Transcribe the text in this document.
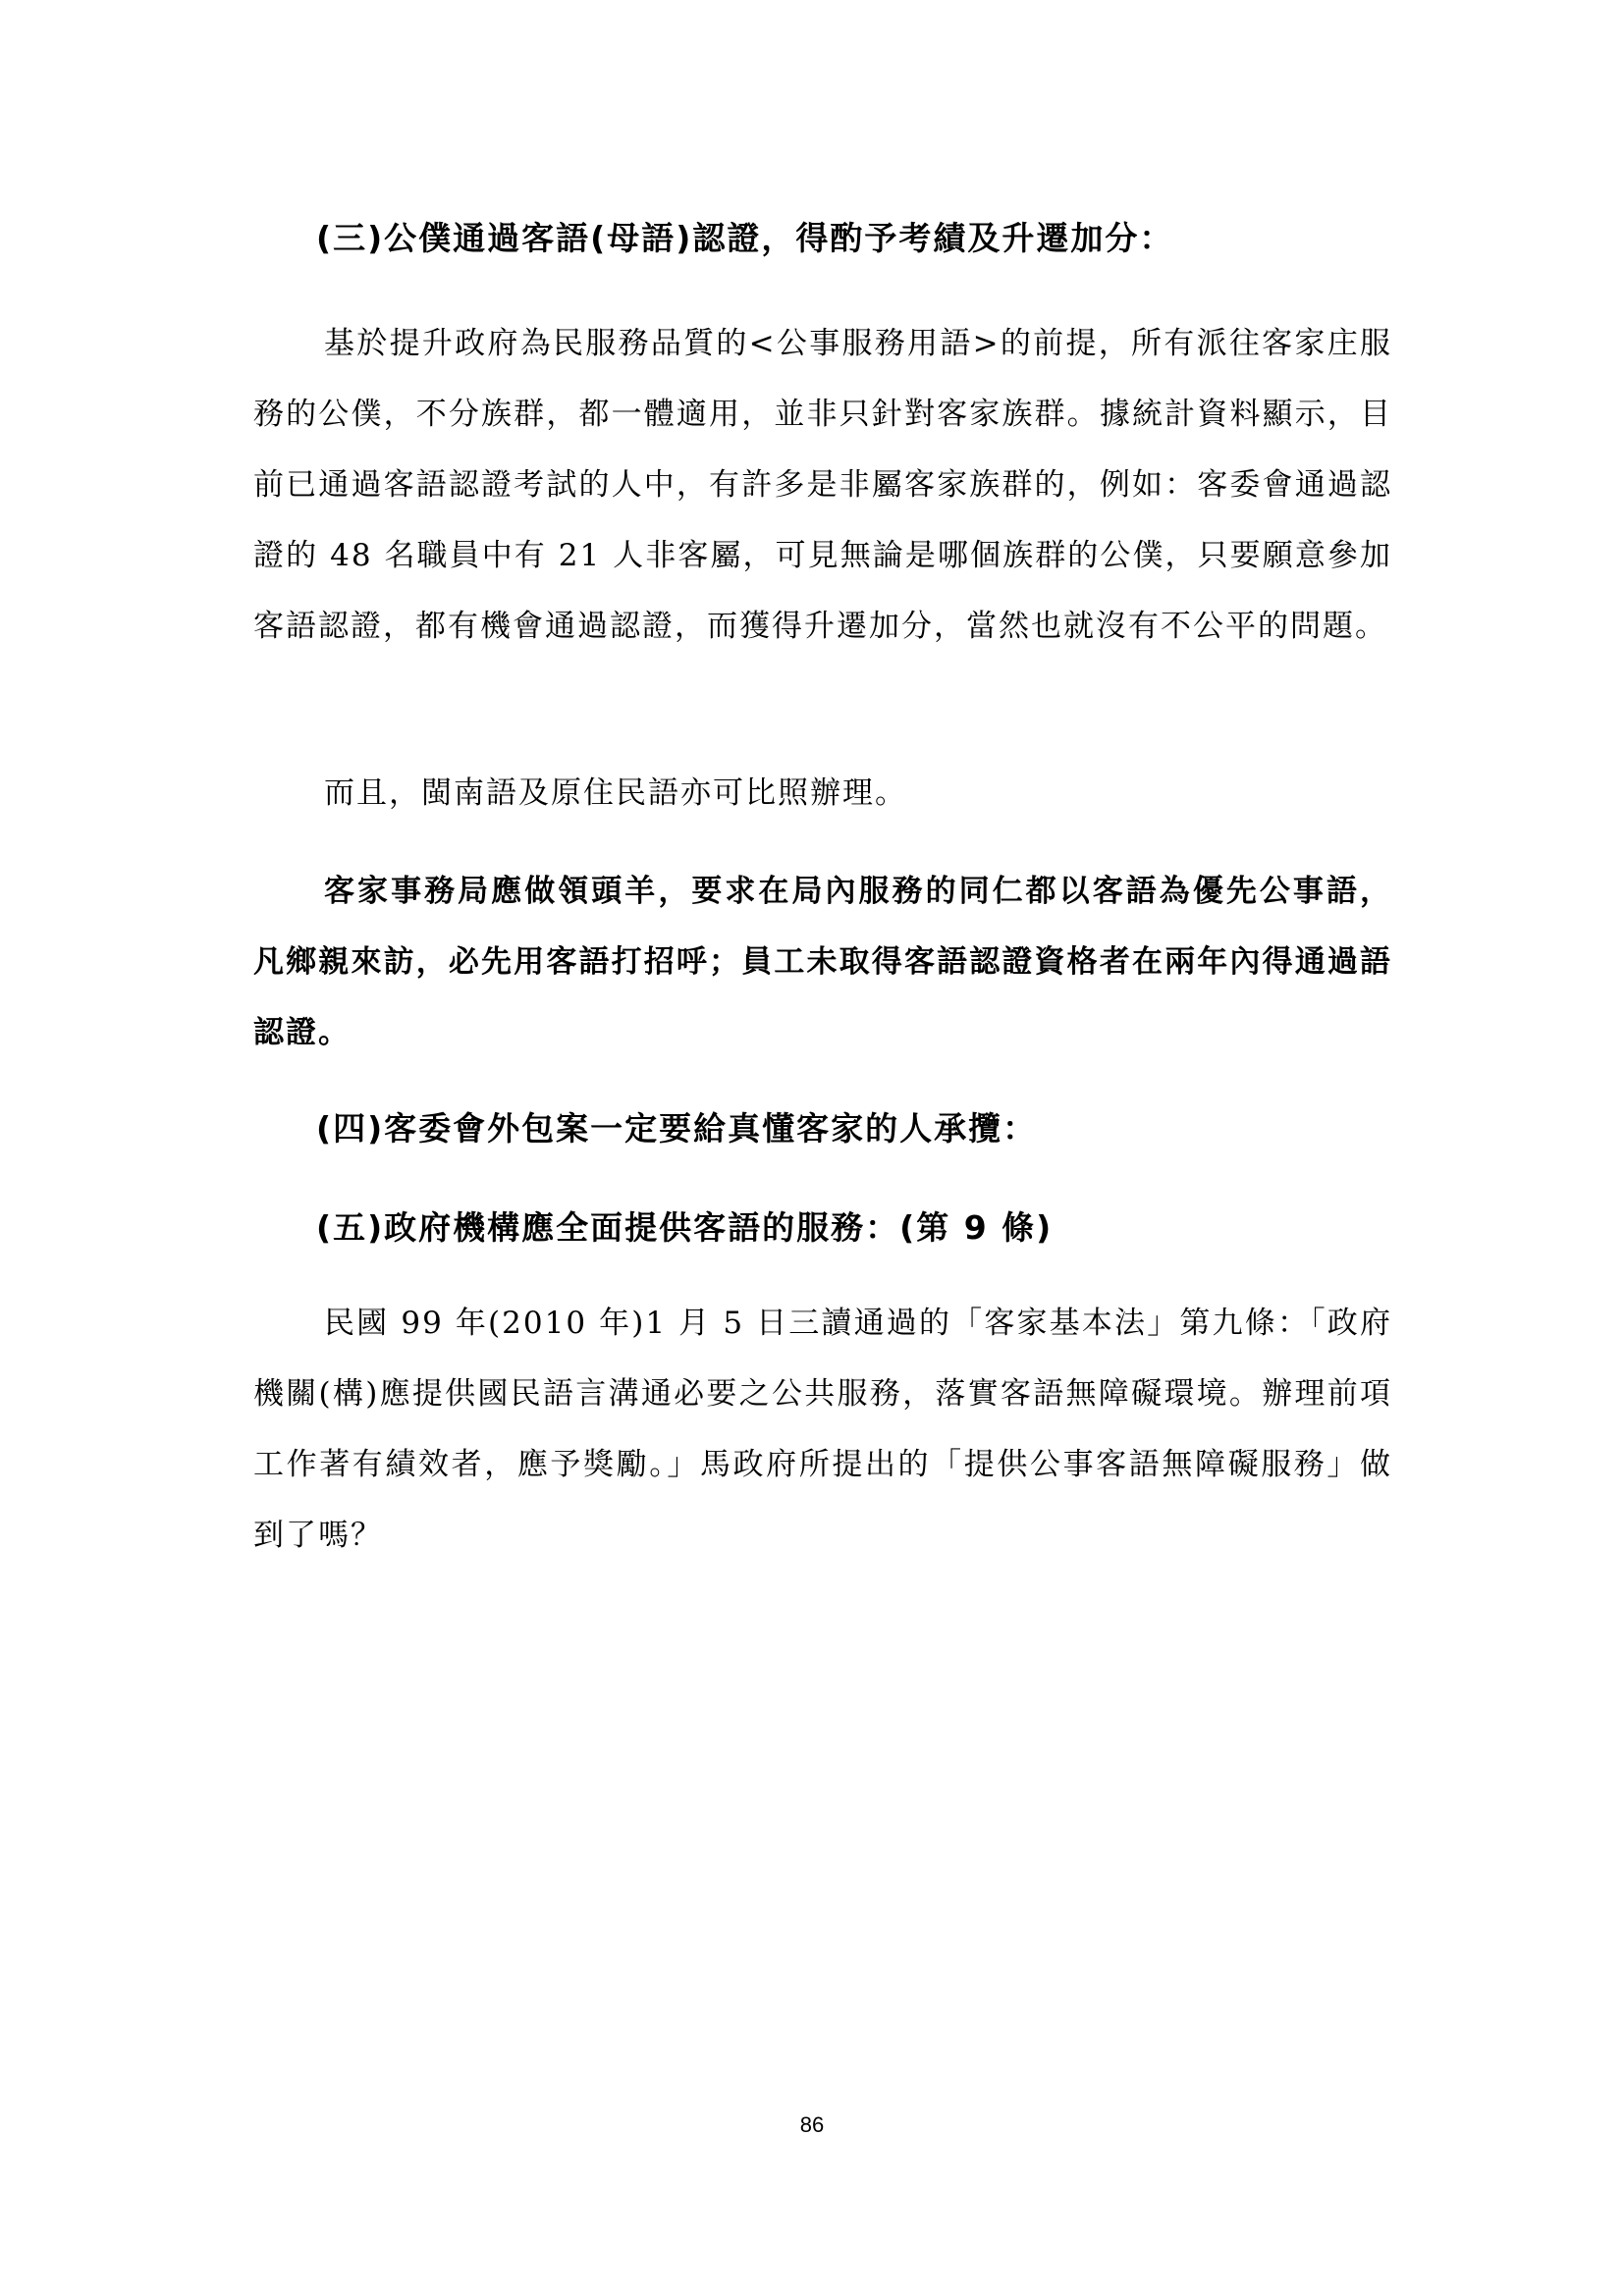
(三)公僕通過客語(母語)認證，得酌予考績及升遷加分：

基於提升政府為民服務品質的<公事服務用語>的前提，所有派往客家庄服務的公僕，不分族群，都一體適用，並非只針對客家族群。據統計資料顯示，目前已通過客語認證考試的人中，有許多是非屬客家族群的，例如：客委會通過認證的 48 名職員中有 21 人非客屬，可見無論是哪個族群的公僕，只要願意參加客語認證，都有機會通過認證，而獲得升遷加分，當然也就沒有不公平的問題。

而且，閩南語及原住民語亦可比照辦理。

客家事務局應做領頭羊，要求在局內服務的同仁都以客語為優先公事語，凡鄉親來訪，必先用客語打招呼；員工未取得客語認證資格者在兩年內得通過語認證。

(四)客委會外包案一定要給真懂客家的人承攬：
(五)政府機構應全面提供客語的服務：(第 9 條)

民國 99 年(2010 年)1 月 5 日三讀通過的「客家基本法」第九條：「政府機關(構)應提供國民語言溝通必要之公共服務，落實客語無障礙環境。辦理前項工作著有績效者，應予獎勵。」馬政府所提出的「提供公事客語無障礙服務」做到了嗎？

86
